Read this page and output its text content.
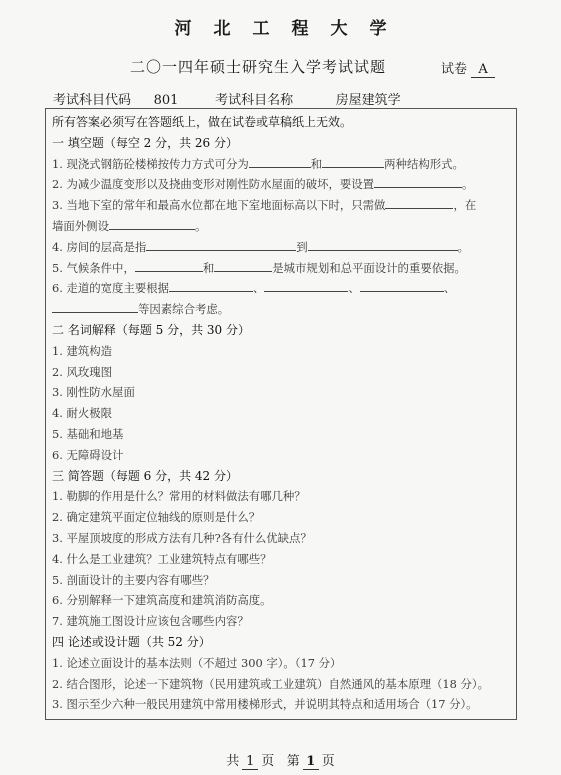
河北工程大学
二〇一四年硕士研究生入学考试试题	试卷 A
考试科目代码 801	考试科目名称	房屋建筑学
所有答案必须写在答题纸上，做在试卷或草稿纸上无效。
一 填空题（每空 2 分，共 26 分）
1. 现浇式钢筋砼楼梯按传力方式可分为	和	两种结构形式。
2. 为减少温度变形以及挠曲变形对刚性防水屋面的破坏，要设置	。
3. 当地下室的常年和最高水位都在地下室地面标高以下时，只需做	，在
墙面外侧设	。
4. 房间的层高是指	到	。
5. 气候条件中，	和	是城市规划和总平面设计的重要依据。
6. 走道的宽度主要根据	、	、	、
等因素综合考虑。
二 名词解释（每题 5 分，共 30 分）
1. 建筑构造
2. 风玫瑰图
3. 刚性防水屋面
4. 耐火极限
5. 基础和地基
6. 无障碍设计
三 简答题（每题 6 分，共 42 分）
1. 勒脚的作用是什么？常用的材料做法有哪几种？
2. 确定建筑平面定位轴线的原则是什么？
3. 平屋顶坡度的形成方法有几种?各有什么优缺点？
4. 什么是工业建筑？工业建筑特点有哪些？
5. 剖面设计的主要内容有哪些？
6. 分别解释一下建筑高度和建筑消防高度。
7. 建筑施工图设计应该包含哪些内容？
四 论述或设计题（共 52 分）
1. 论述立面设计的基本法则（不超过 300 字）。（17 分）
2. 结合图形，论述一下建筑物（民用建筑或工业建筑）自然通风的基本原理（18 分）。
3. 图示至少六种一般民用建筑中常用楼梯形式，并说明其特点和适用场合（17 分）。
共 1 页 第 1 页
